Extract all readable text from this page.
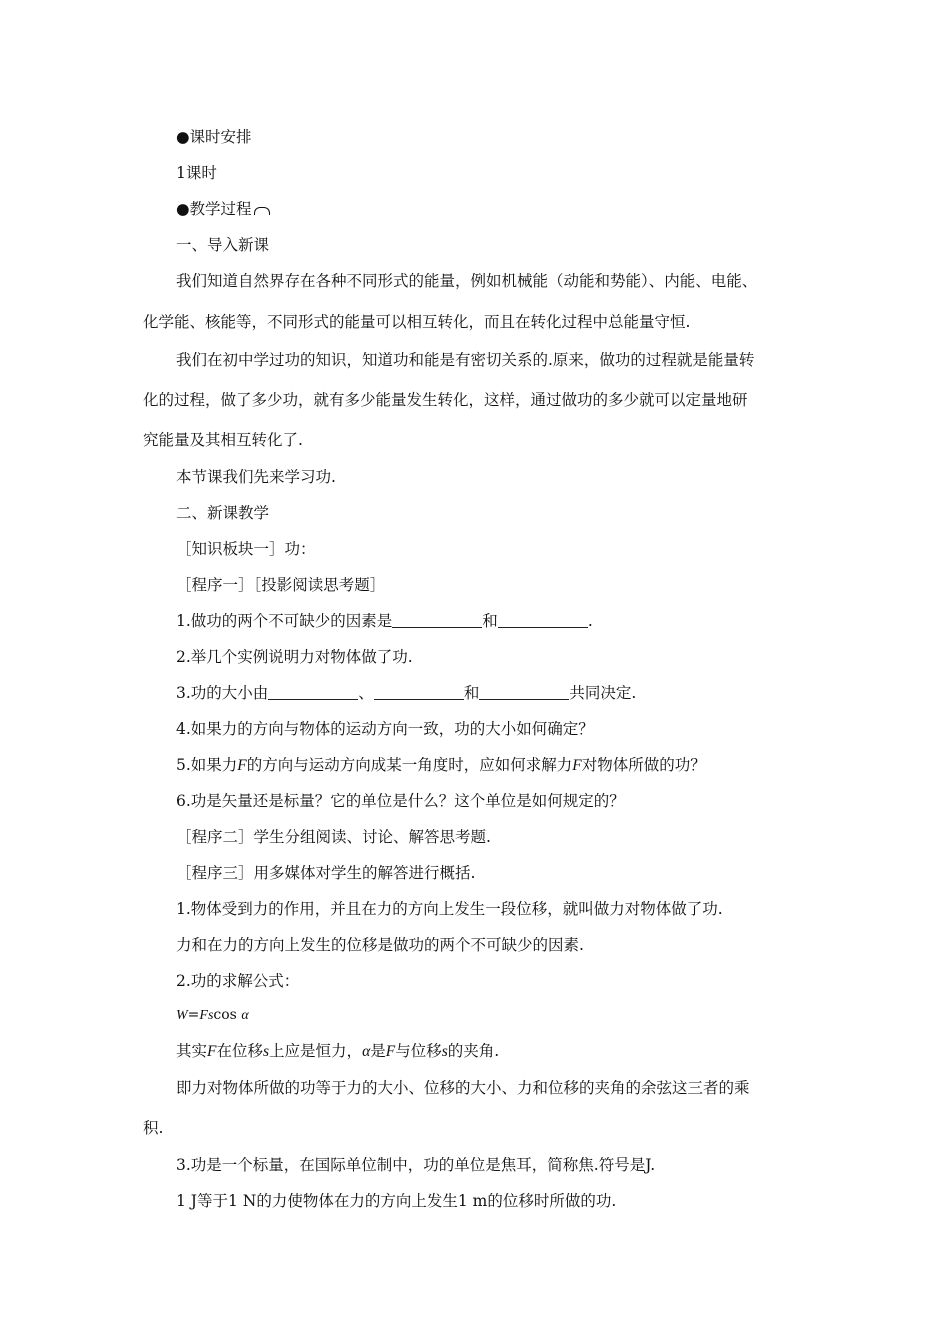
●课时安排
1课时
●教学过程
一、导入新课
我们知道自然界存在各种不同形式的能量，例如机械能（动能和势能）、内能、电能、
化学能、核能等，不同形式的能量可以相互转化，而且在转化过程中总能量守恒.
我们在初中学过功的知识，知道功和能是有密切关系的.原来，做功的过程就是能量转
化的过程，做了多少功，就有多少能量发生转化，这样，通过做功的多少就可以定量地研
究能量及其相互转化了.
本节课我们先来学习功.
二、新课教学
［知识板块一］功：
［程序一］［投影阅读思考题］
1.做功的两个不可缺少的因素是	和	.
2.举几个实例说明力对物体做了功.
3.功的大小由	、	和	共同决定.
4.如果力的方向与物体的运动方向一致，功的大小如何确定？
5.如果力F的方向与运动方向成某一角度时，应如何求解力F对物体所做的功？
6.功是矢量还是标量？它的单位是什么？这个单位是如何规定的？
［程序二］学生分组阅读、讨论、解答思考题.
［程序三］用多媒体对学生的解答进行概括.
1.物体受到力的作用，并且在力的方向上发生一段位移，就叫做力对物体做了功.
力和在力的方向上发生的位移是做功的两个不可缺少的因素.
2.功的求解公式：
W=Fscos α
其实F在位移s上应是恒力，α是F与位移s的夹角.
即力对物体所做的功等于力的大小、位移的大小、力和位移的夹角的余弦这三者的乘
积.
3.功是一个标量，在国际单位制中，功的单位是焦耳，简称焦.符号是J.
1 J等于1 N的力使物体在力的方向上发生1 m的位移时所做的功.
